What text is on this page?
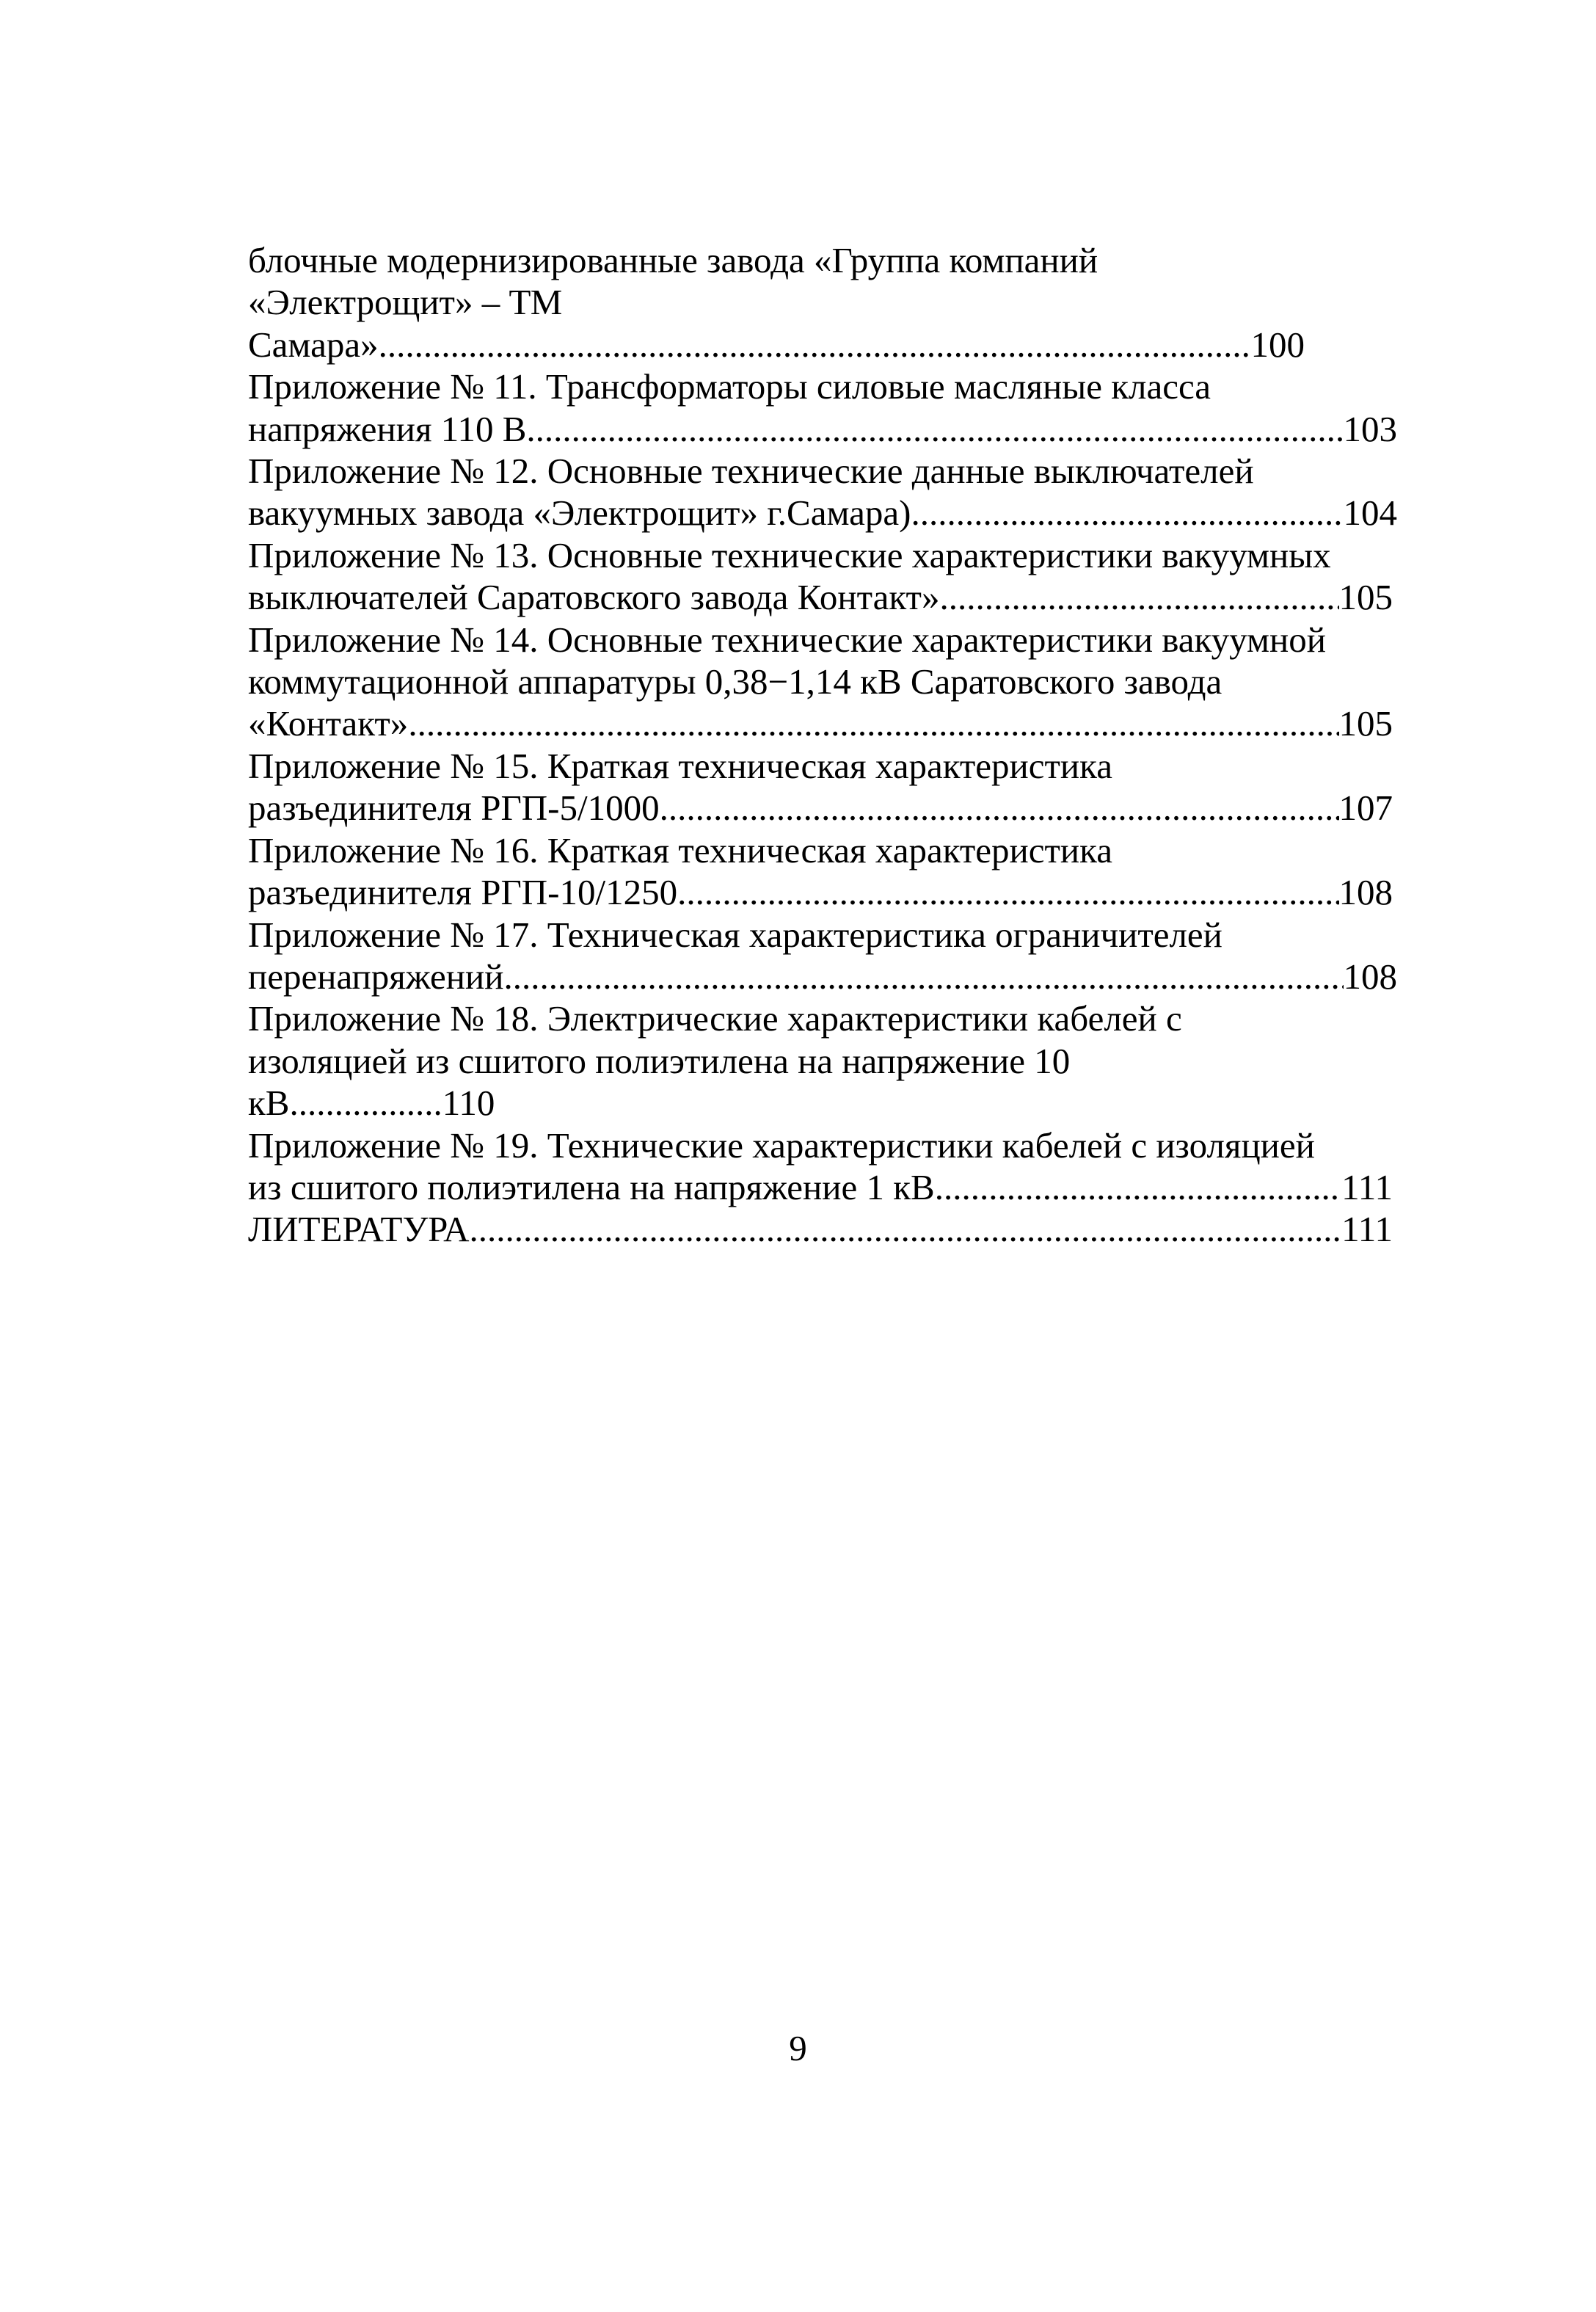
блочные модернизированные завода «Группа компаний
«Электрощит» – ТМ
Самара» .....	100
Приложение № 11. Трансформаторы силовые масляные класса
напряжения 110 В. .....	103
Приложение № 12. Основные технические данные выключателей
вакуумных завода «Электрощит» г.Самара). .....	104
Приложение № 13. Основные технические характеристики вакуумных
выключателей Саратовского завода Контакт» .....	105
Приложение № 14. Основные технические характеристики вакуумной
коммутационной аппаратуры 0,38−1,14 кВ Саратовского завода
«Контакт» .....	105
Приложение № 15. Краткая техническая характеристика
разъединителя РГП-5/1000 .....	107
Приложение № 16. Краткая техническая характеристика
разъединителя РГП-10/1250 .....	108
Приложение № 17. Техническая характеристика ограничителей
перенапряжений .....	108
Приложение № 18. Электрические характеристики кабелей с
изоляцией из сшитого полиэтилена на напряжение 10
кВ.................110
Приложение № 19. Технические характеристики кабелей с изоляцией
из сшитого полиэтилена на напряжение 1 кВ .....	111
ЛИТЕРАТУРА .....	111
9
